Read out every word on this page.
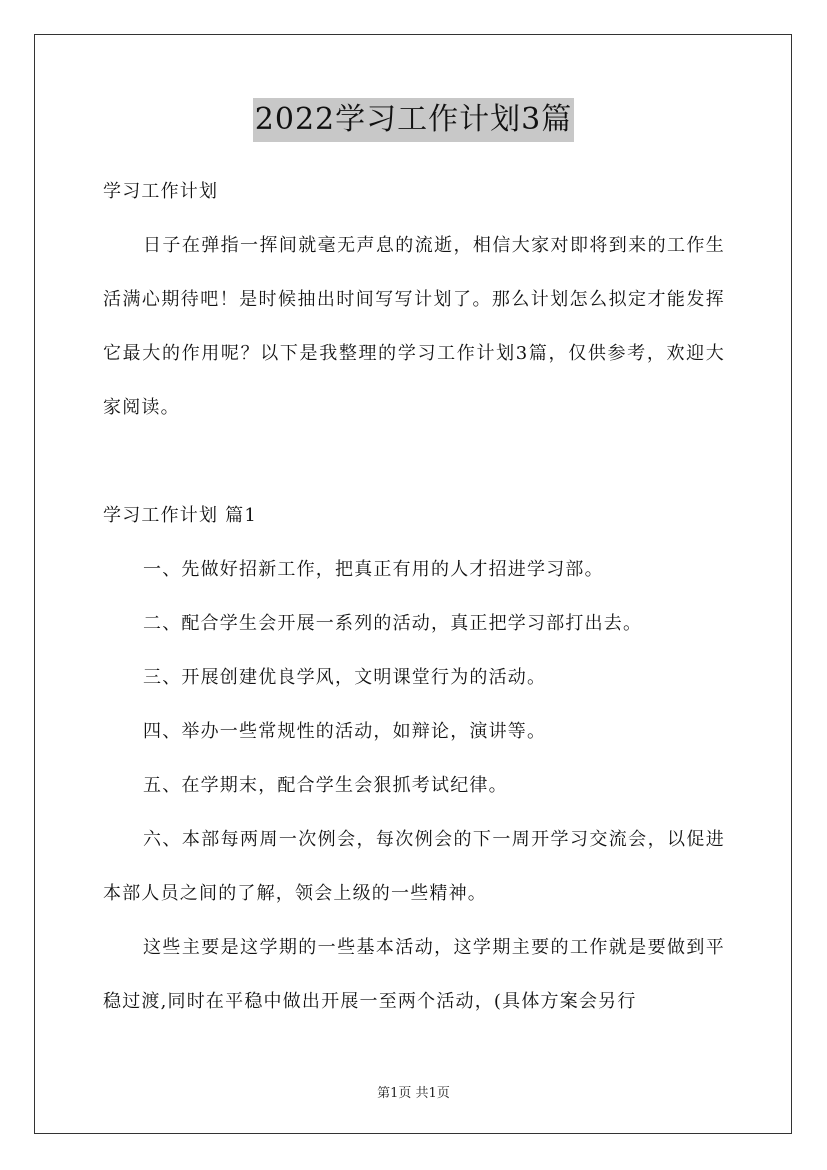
2022学习工作计划3篇
学习工作计划
日子在弹指一挥间就毫无声息的流逝，相信大家对即将到来的工作生活满心期待吧！是时候抽出时间写写计划了。那么计划怎么拟定才能发挥它最大的作用呢？以下是我整理的学习工作计划3篇，仅供参考，欢迎大家阅读。
学习工作计划 篇1
一、先做好招新工作，把真正有用的人才招进学习部。
二、配合学生会开展一系列的活动，真正把学习部打出去。
三、开展创建优良学风，文明课堂行为的活动。
四、举办一些常规性的活动，如辩论，演讲等。
五、在学期末，配合学生会狠抓考试纪律。
六、本部每两周一次例会，每次例会的下一周开学习交流会，以促进本部人员之间的了解，领会上级的一些精神。
这些主要是这学期的一些基本活动，这学期主要的工作就是要做到平稳过渡,同时在平稳中做出开展一至两个活动，(具体方案会另行
第1页 共1页
